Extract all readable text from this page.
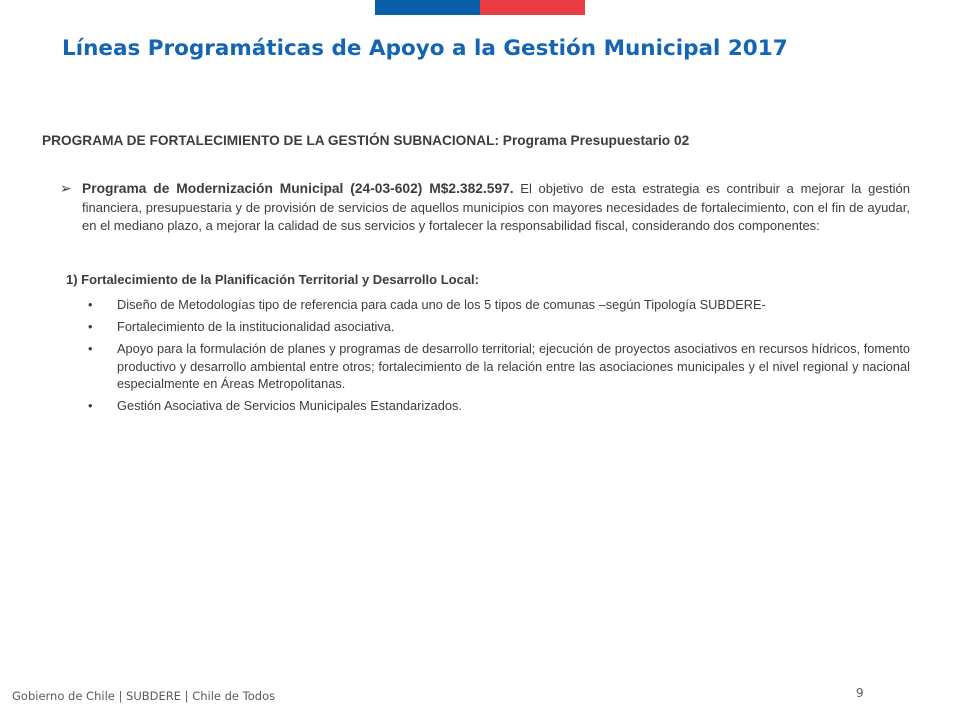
Líneas Programáticas de Apoyo a la Gestión Municipal 2017

PROGRAMA DE FORTALECIMIENTO DE LA GESTIÓN SUBNACIONAL: Programa Presupuestario 02

➢ Programa de Modernización Municipal (24-03-602) M$2.382.597. El objetivo de esta estrategia es contribuir a mejorar la gestión financiera, presupuestaria y de provisión de servicios de aquellos municipios con mayores necesidades de fortalecimiento, con el fin de ayudar, en el mediano plazo, a mejorar la calidad de sus servicios y fortalecer la responsabilidad fiscal, considerando dos componentes:

1) Fortalecimiento de la Planificación Territorial y Desarrollo Local:

• Diseño de Metodologías tipo de referencia para cada uno de los 5 tipos de comunas –según Tipología SUBDERE-
• Fortalecimiento de la institucionalidad asociativa.
• Apoyo para la formulación de planes y programas de desarrollo territorial; ejecución de proyectos asociativos en recursos hídricos, fomento productivo y desarrollo ambiental entre otros; fortalecimiento de la relación entre las asociaciones municipales y el nivel regional y nacional especialmente en Áreas Metropolitanas.
• Gestión Asociativa de Servicios Municipales Estandarizados.
Gobierno de Chile | SUBDERE | Chile de Todos	9
